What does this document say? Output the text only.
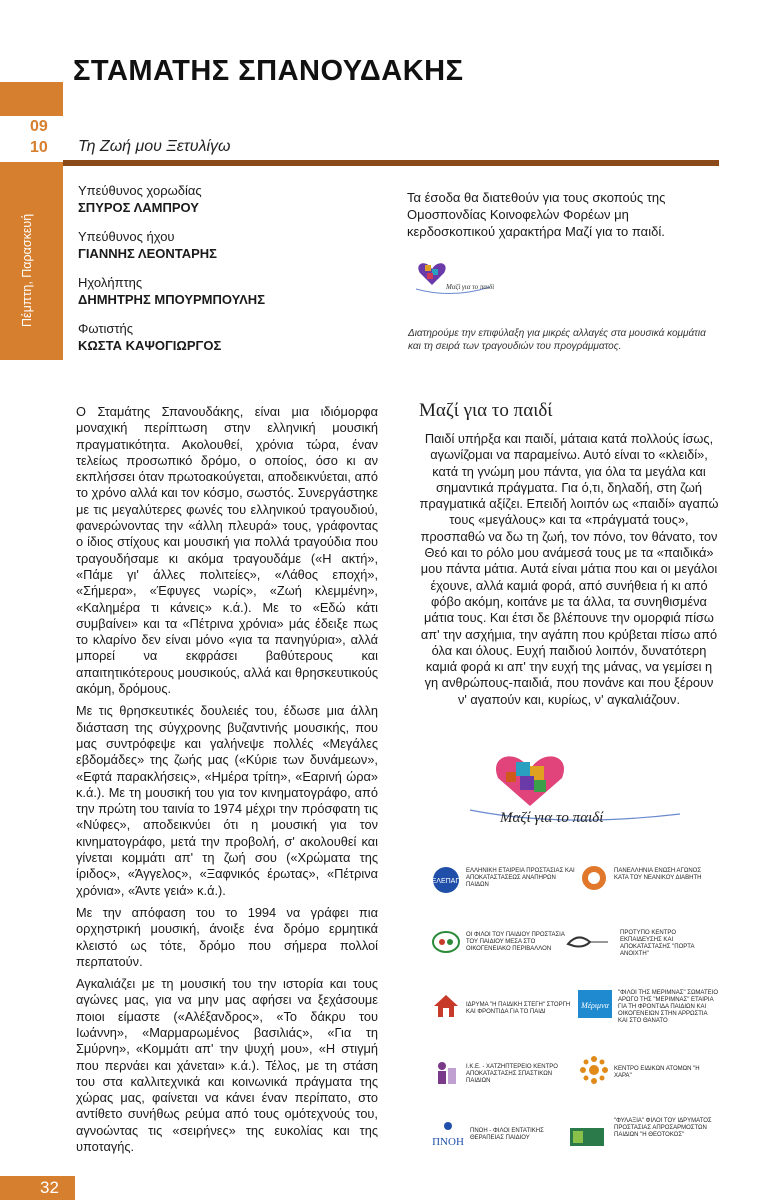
09
10
Πέμπτη, Παρασκευή
ΣΤΑΜΑΤΗΣ ΣΠΑΝΟΥΔΑΚΗΣ
Τη Ζωή μου Ξετυλίγω
Υπεύθυνος χορωδίας
ΣΠΥΡΟΣ ΛΑΜΠΡΟΥ
Υπεύθυνος ήχου
ΓΙΑΝΝΗΣ ΛΕΟΝΤΑΡΗΣ
Ηχολήπτης
ΔΗΜΗΤΡΗΣ ΜΠΟΥΡΜΠΟΥΛΗΣ
Φωτιστής
ΚΩΣΤΑ ΚΑΨΟΓΙΩΡΓΟΣ
Τα έσοδα θα διατεθούν για τους σκοπούς της Ομοσπονδίας Κοινοφελών Φορέων μη κερδοσκοπικού χαρακτήρα Μαζί για το παιδί.
Μαζί για το παιδί
Διατηρούμε την επιφύλαξη για μικρές αλλαγές στα μουσικά κομμάτια και τη σειρά των τραγουδιών του προγράμματος.

Ο Σταμάτης Σπανουδάκης, είναι μια ιδιόμορφα μοναχική περίπτωση στην ελληνική μουσική πραγματικότητα. Ακολουθεί, χρόνια τώρα, έναν τελείως προσωπικό δρόμο, ο οποίος, όσο κι αν εκπλήσσει όταν πρωτοακούγεται, αποδεικνύεται, από το χρόνο αλλά και τον κόσμο, σωστός. Συνεργάστηκε με τις μεγαλύτερες φωνές του ελληνικού τραγουδιού, φανερώνοντας την «άλλη πλευρά» τους, γράφοντας ο ίδιος στίχους και μουσική για πολλά τραγούδια που τραγουδήσαμε κι ακόμα τραγουδάμε («Η ακτή», «Πάμε γι' άλλες πολιτείες», «Λάθος εποχή», «Σήμερα», «Έφυγες νωρίς», «Ζωή κλεμμένη», «Καλημέρα τι κάνεις» κ.ά.). Με το «Εδώ κάτι συμβαίνει» και τα «Πέτρινα χρόνια» μάς έδειξε πως το κλαρίνο δεν είναι μόνο «για τα πανηγύρια», αλλά μπορεί να εκφράσει βαθύτερους και απαιτητικότερους μουσικούς, αλλά και θρησκευτικούς ακόμη, δρόμους.

Με τις θρησκευτικές δουλειές του, έδωσε μια άλλη διάσταση της σύγχρονης βυζαντινής μουσικής, που μας συντρόφεψε και γαλήνεψε πολλές «Μεγάλες εβδομάδες» της ζωής μας («Κύριε των δυνάμεων», «Εφτά παρακλήσεις», «Ημέρα τρίτη», «Εαρινή ώρα» κ.ά.). Με τη μουσική του για τον κινηματογράφο, από την πρώτη του ταινία το 1974 μέχρι την πρόσφατη τις «Νύφες», αποδεικνύει ότι η μουσική για τον κινηματογράφο, μετά την προβολή, σ' ακολουθεί και γίνεται κομμάτι απ' τη ζωή σου («Χρώματα της ίριδος», «Άγγελος», «Ξαφνικός έρωτας», «Πέτρινα χρόνια», «Άντε γειά» κ.ά.).

Με την απόφαση του το 1994 να γράφει πια ορχηστρική μουσική, άνοιξε ένα δρόμο ερμητικά κλειστό ως τότε, δρόμο που σήμερα πολλοί περπατούν.

Αγκαλιάζει με τη μουσική του την ιστορία και τους αγώνες μας, για να μην μας αφήσει να ξεχάσουμε ποιοι είμαστε («Αλέξανδρος», «Το δάκρυ του Ιωάννη», «Μαρμαρωμένος βασιλιάς», «Για τη Σμύρνη», «Κομμάτι απ' την ψυχή μου», «Η στιγμή που περνάει και χάνεται» κ.ά.). Τέλος, με τη στάση του στα καλλιτεχνικά και κοινωνικά πράγματα της χώρας μας, φαίνεται να κάνει έναν περίπατο, στο αντίθετο συνήθως ρεύμα από τους ομότεχνούς του, αγνοώντας τις «σειρήνες» της ευκολίας και της υποταγής.

Μαζί για το παιδί
Παιδί υπήρξα και παιδί, μάταια κατά πολλούς ίσως, αγωνίζομαι να παραμείνω. Αυτό είναι το «κλειδί», κατά τη γνώμη μου πάντα, για όλα τα μεγάλα και σημαντικά πράγματα. Για ό,τι, δηλαδή, στη ζωή πραγματικά αξίζει. Επειδή λοιπόν ως «παιδί» αγαπώ τους «μεγάλους» και τα «πράγματά τους», προσπαθώ να δω τη ζωή, τον πόνο, τον θάνατο, τον Θεό και το ρόλο μου ανάμεσά τους με τα «παιδικά» μου πάντα μάτια. Αυτά είναι μάτια που και οι μεγάλοι έχουνε, αλλά καμιά φορά, από συνήθεια ή κι από φόβο ακόμη, κοιτάνε με τα άλλα, τα συνηθισμένα μάτια τους. Και έτσι δε βλέπουνε την ομορφιά πίσω απ' την ασχήμια, την αγάπη που κρύβεται πίσω από όλα και όλους. Ευχή παιδιού λοιπόν, δυνατότερη καμιά φορά κι απ' την ευχή της μάνας, να γεμίσει η γη ανθρώπους-παιδιά, που πονάνε και που ξέρουν ν' αγαπούν και, κυρίως, ν' αγκαλιάζουν.
Μαζί για το παιδί
ΕΛΕΠΑΠ
ΕΛΛΗΝΙΚΗ ΕΤΑΙΡΕΙΑ ΠΡΟΣΤΑΣΙΑΣ ΚΑΙ ΑΠΟΚΑΤΑΣΤΑΣΕΩΣ ΑΝΑΠΗΡΩΝ ΠΑΙΔΩΝ
ΠΑΝΕΛΛΗΝΙΑ ΕΝΩΣΗ ΑΓΩΝΟΣ ΚΑΤΑ ΤΟΥ ΝΕΑΝΙΚΟΥ ΔΙΑΒΗΤΗ
ΟΙ ΦΙΛΟΙ ΤΟΥ ΠΑΙΔΙΟΥ ΠΡΟΣΤΑΣΙΑ ΤΟΥ ΠΑΙΔΙΟΥ ΜΕΣΑ ΣΤΟ ΟΙΚΟΓΕΝΕΙΑΚΟ ΠΕΡΙΒΑΛΛΟΝ
ΠΡΟΤΥΠΟ ΚΕΝΤΡΟ ΕΚΠΑΙΔΕΥΣΗΣ ΚΑΙ ΑΠΟΚΑΤΑΣΤΑΣΗΣ "ΠΟΡΤΑ ΑΝΟΙΧΤΗ"
ΙΔΡΥΜΑ "Η ΠΑΙΔΙΚΗ ΣΤΕΓΗ" ΣΤΟΡΓΗ ΚΑΙ ΦΡΟΝΤΙΔΑ ΓΙΑ ΤΟ ΠΑΙΔΙ
Μέριμνα
"ΦΙΛΟΙ ΤΗΣ ΜΕΡΙΜΝΑΣ" ΣΩΜΑΤΕΙΟ ΑΡΩΓΟ ΤΗΣ "ΜΕΡΙΜΝΑΣ" ΕΤΑΙΡΙΑ ΓΙΑ ΤΗ ΦΡΟΝΤΙΔΑ ΠΑΙΔΙΩΝ ΚΑΙ ΟΙΚΟΓΕΝΕΙΩΝ ΣΤΗΝ ΑΡΡΩΣΤΙΑ ΚΑΙ ΣΤΟ ΘΑΝΑΤΟ
Ι.Κ.Ε. - ΧΑΤΖΗΠΤΕΡΕΙΟ ΚΕΝΤΡΟ ΑΠΟΚΑΤΑΣΤΑΣΗΣ ΣΠΑΣΤΙΚΩΝ ΠΑΙΔΙΩΝ
ΚΕΝΤΡΟ ΕΙΔΙΚΩΝ ΑΤΟΜΩΝ "Η ΧΑΡΑ"
ΠΝΟΗ
ΠΝΟΗ - ΦΙΛΟΙ ΕΝΤΑΤΙΚΗΣ ΘΕΡΑΠΕΙΑΣ ΠΑΙΔΙΟΥ
"ΦΥΛΑΞΙΑ" ΦΙΛΟΙ ΤΟΥ ΙΔΡΥΜΑΤΟΣ ΠΡΟΣΤΑΣΙΑΣ ΑΠΡΟΣΑΡΜΟΣΤΩΝ ΠΑΙΔΙΩΝ "Η ΘΕΟΤΟΚΟΣ"
32
